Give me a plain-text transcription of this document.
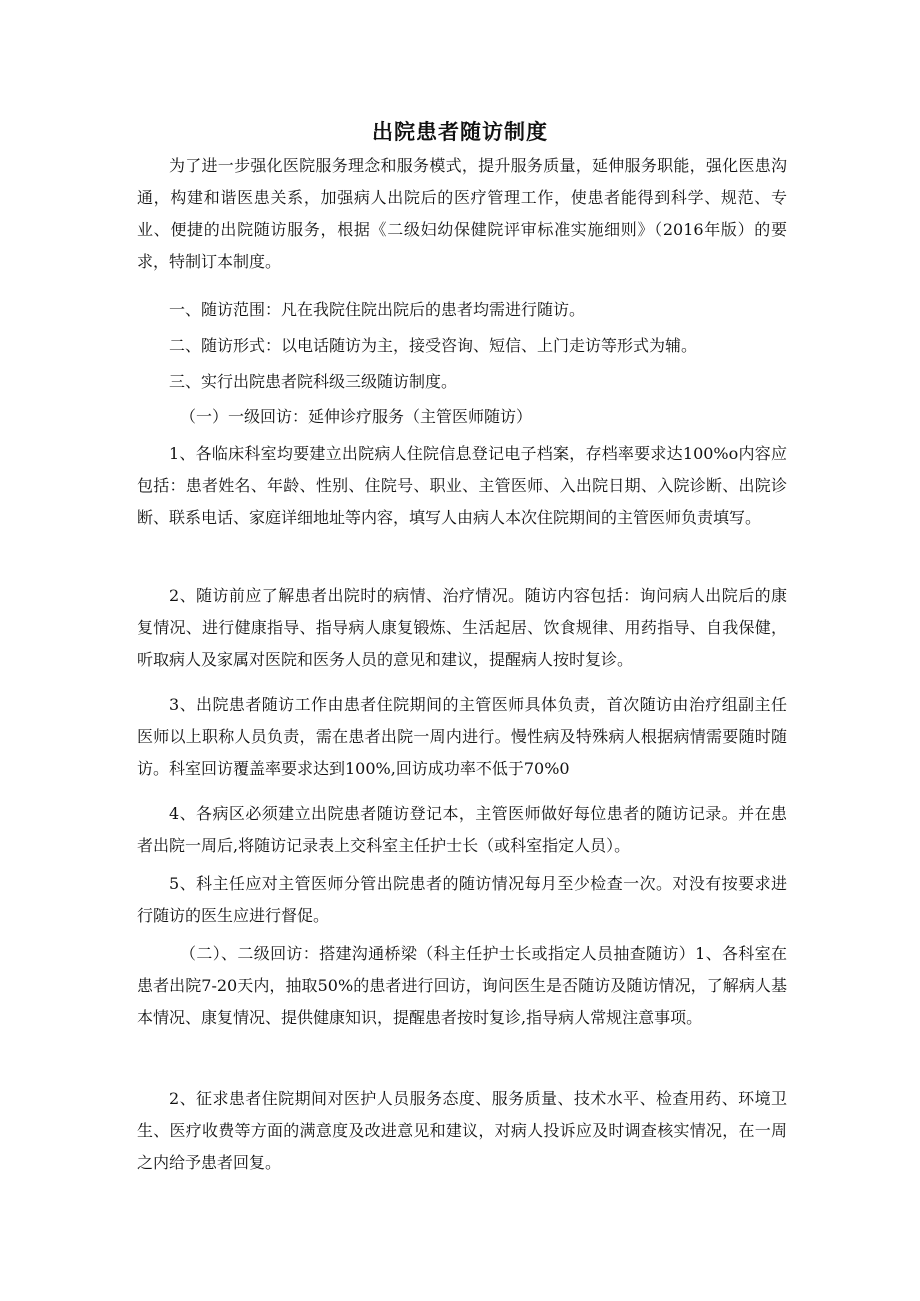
出院患者随访制度

为了进一步强化医院服务理念和服务模式，提升服务质量，延伸服务职能，强化医患沟通，构建和谐医患关系，加强病人出院后的医疗管理工作，使患者能得到科学、规范、专业、便捷的出院随访服务，根据《二级妇幼保健院评审标准实施细则》（2016年版）的要求，特制订本制度。

一、随访范围：凡在我院住院出院后的患者均需进行随访。

二、随访形式：以电话随访为主，接受咨询、短信、上门走访等形式为辅。

三、实行出院患者院科级三级随访制度。

（一）一级回访：延伸诊疗服务（主管医师随访）

1、各临床科室均要建立出院病人住院信息登记电子档案，存档率要求达100%o内容应包括：患者姓名、年龄、性别、住院号、职业、主管医师、入出院日期、入院诊断、出院诊断、联系电话、家庭详细地址等内容，填写人由病人本次住院期间的主管医师负责填写。

2、随访前应了解患者出院时的病情、治疗情况。随访内容包括：询问病人出院后的康复情况、进行健康指导、指导病人康复锻炼、生活起居、饮食规律、用药指导、自我保健，听取病人及家属对医院和医务人员的意见和建议，提醒病人按时复诊。

3、出院患者随访工作由患者住院期间的主管医师具体负责，首次随访由治疗组副主任医师以上职称人员负责，需在患者出院一周内进行。慢性病及特殊病人根据病情需要随时随访。科室回访覆盖率要求达到100%,回访成功率不低于70%0

4、各病区必须建立出院患者随访登记本，主管医师做好每位患者的随访记录。并在患者出院一周后,将随访记录表上交科室主任护士长（或科室指定人员）。

5、科主任应对主管医师分管出院患者的随访情况每月至少检查一次。对没有按要求进行随访的医生应进行督促。

（二）、二级回访：搭建沟通桥梁（科主任护士长或指定人员抽查随访）1、各科室在患者出院7-20天内，抽取50%的患者进行回访，询问医生是否随访及随访情况，了解病人基本情况、康复情况、提供健康知识，提醒患者按时复诊,指导病人常规注意事项。

2、征求患者住院期间对医护人员服务态度、服务质量、技术水平、检查用药、环境卫生、医疗收费等方面的满意度及改进意见和建议，对病人投诉应及时调查核实情况，在一周之内给予患者回复。
